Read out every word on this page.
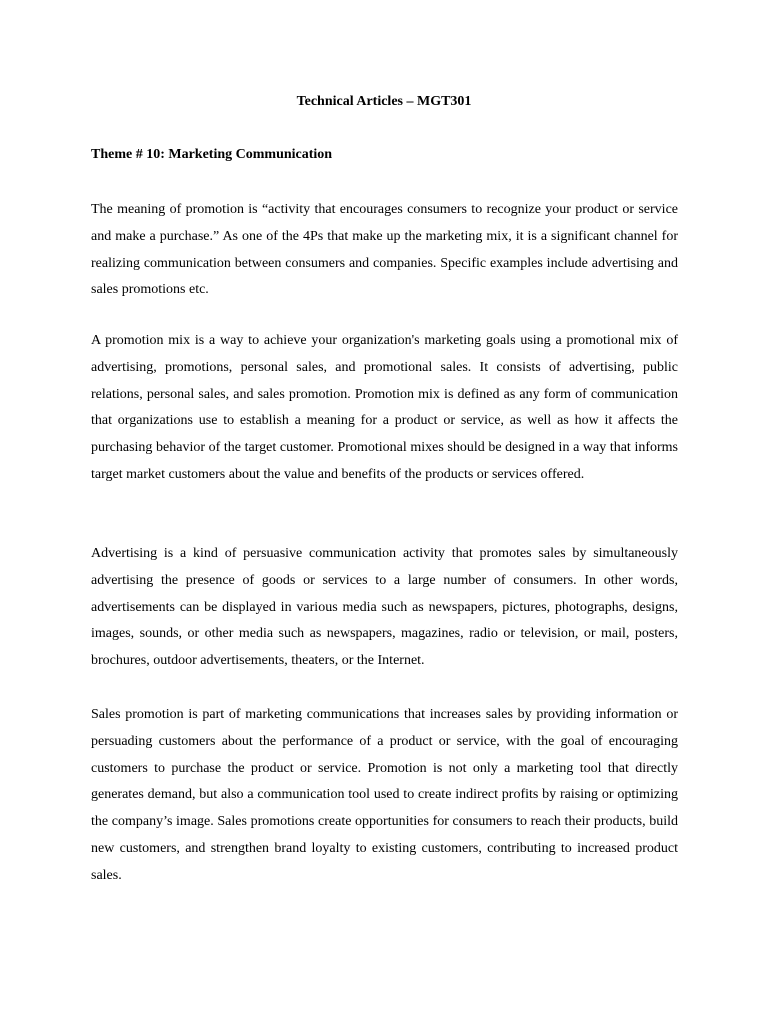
Technical Articles – MGT301
Theme # 10: Marketing Communication

The meaning of promotion is “activity that encourages consumers to recognize your product or service and make a purchase.” As one of the 4Ps that make up the marketing mix, it is a significant channel for realizing communication between consumers and companies. Specific examples include advertising and sales promotions etc.

A promotion mix is a way to achieve your organization's marketing goals using a promotional mix of advertising, promotions, personal sales, and promotional sales. It consists of advertising, public relations, personal sales, and sales promotion. Promotion mix is defined as any form of communication that organizations use to establish a meaning for a product or service, as well as how it affects the purchasing behavior of the target customer. Promotional mixes should be designed in a way that informs target market customers about the value and benefits of the products or services offered.

Advertising is a kind of persuasive communication activity that promotes sales by simultaneously advertising the presence of goods or services to a large number of consumers. In other words, advertisements can be displayed in various media such as newspapers, pictures, photographs, designs, images, sounds, or other media such as newspapers, magazines, radio or television, or mail, posters, brochures, outdoor advertisements, theaters, or the Internet.

Sales promotion is part of marketing communications that increases sales by providing information or persuading customers about the performance of a product or service, with the goal of encouraging customers to purchase the product or service. Promotion is not only a marketing tool that directly generates demand, but also a communication tool used to create indirect profits by raising or optimizing the company’s image. Sales promotions create opportunities for consumers to reach their products, build new customers, and strengthen brand loyalty to existing customers, contributing to increased product sales.
